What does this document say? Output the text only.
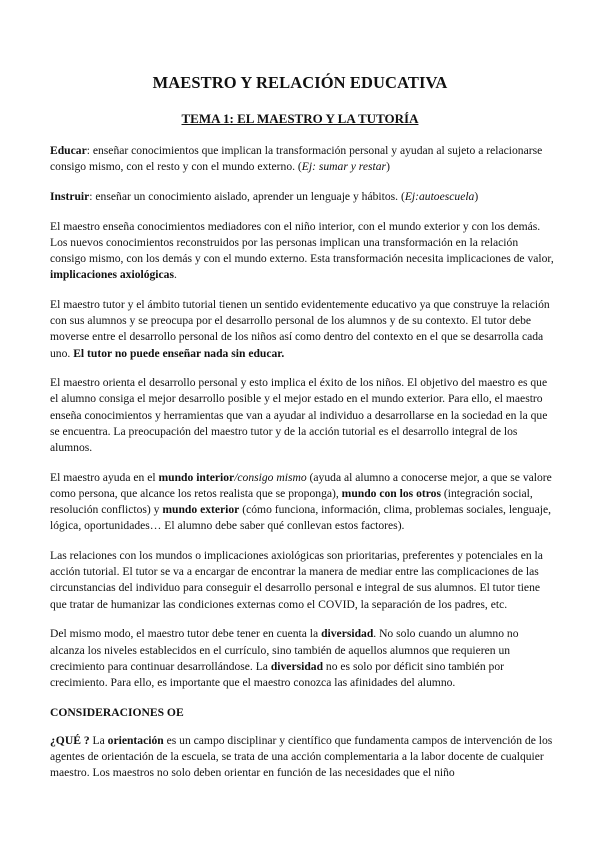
MAESTRO Y RELACIÓN EDUCATIVA
TEMA 1: EL MAESTRO Y LA TUTORÍA

Educar: enseñar conocimientos que implican la transformación personal y ayudan al sujeto a relacionarse consigo mismo, con el resto y con el mundo externo. (Ej: sumar y restar)

Instruir: enseñar un conocimiento aislado, aprender un lenguaje y hábitos. (Ej:autoescuela)

El maestro enseña conocimientos mediadores con el niño interior, con el mundo exterior y con los demás. Los nuevos conocimientos reconstruidos por las personas implican una transformación en la relación consigo mismo, con los demás y con el mundo externo. Esta transformación necesita implicaciones de valor, implicaciones axiológicas.

El maestro tutor y el ámbito tutorial tienen un sentido evidentemente educativo ya que construye la relación con sus alumnos y se preocupa por el desarrollo personal de los alumnos y de su contexto. El tutor debe moverse entre el desarrollo personal de los niños así como dentro del contexto en el que se desarrolla cada uno. El tutor no puede enseñar nada sin educar.

El maestro orienta el desarrollo personal y esto implica el éxito de los niños. El objetivo del maestro es que el alumno consiga el mejor desarrollo posible y el mejor estado en el mundo exterior. Para ello, el maestro enseña conocimientos y herramientas que van a ayudar al individuo a desarrollarse en la sociedad en la que se encuentra. La preocupación del maestro tutor y de la acción tutorial es el desarrollo integral de los alumnos.

El maestro ayuda en el mundo interior/consigo mismo (ayuda al alumno a conocerse mejor, a que se valore como persona, que alcance los retos realista que se proponga), mundo con los otros (integración social, resolución conflictos) y mundo exterior (cómo funciona, información, clima, problemas sociales, lenguaje, lógica, oportunidades… El alumno debe saber qué conllevan estos factores).

Las relaciones con los mundos o implicaciones axiológicas son prioritarias, preferentes y potenciales en la acción tutorial. El tutor se va a encargar de encontrar la manera de mediar entre las complicaciones de las circunstancias del individuo para conseguir el desarrollo personal e integral de sus alumnos. El tutor tiene que tratar de humanizar las condiciones externas como el COVID, la separación de los padres, etc.

Del mismo modo, el maestro tutor debe tener en cuenta la diversidad. No solo cuando un alumno no alcanza los niveles establecidos en el currículo, sino también de aquellos alumnos que requieren un crecimiento para continuar desarrollándose. La diversidad no es solo por déficit sino también por crecimiento. Para ello, es importante que el maestro conozca las afinidades del alumno.

CONSIDERACIONES OE

¿QUÉ ? La orientación es un campo disciplinar y científico que fundamenta campos de intervención de los agentes de orientación de la escuela, se trata de una acción complementaria a la labor docente de cualquier maestro. Los maestros no solo deben orientar en función de las necesidades que el niño
